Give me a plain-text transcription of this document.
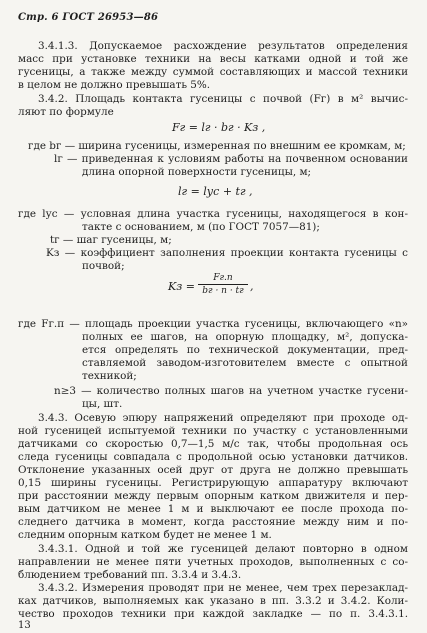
Стр. 6 ГОСТ 26953—86
3.4.1.3. Допускаемое расхождение результатов определения
масс при установке техники на весы катками одной и той же
гусеницы, а также между суммой составляющих и массой техники
в целом не должно превышать 5%.
3.4.2. Площадь контакта гусеницы с почвой (Fг) в м² вычис-
ляют по формуле
Fг = lг · bг · Kз ,
где bг — ширина гусеницы, измеренная по внешним ее кромкам, м;
lг — приведенная к условиям работы на почвенном основании
длина опорной поверхности гусеницы, м;
lг = lус + tг ,
где lус — условная длина участка гусеницы, находящегося в кон-
такте с основанием, м (по ГОСТ 7057—81);
tг — шаг гусеницы, м;
Kз — коэффициент заполнения проекции контакта гусеницы с
почвой;
Kз =
Fг.п
bг · n · tг ,
где Fг.п — площадь проекции участка гусеницы, включающего «n»
полных ее шагов, на опорную площадку, м², допуска-
ется определять по технической документации, пред-
ставляемой заводом-изготовителем вместе с опытной
техникой;
n≥3 — количество полных шагов на учетном участке гусени-
цы, шт.
3.4.3. Осевую эпюру напряжений определяют при проходе од-
ной гусеницей испытуемой техники по участку с установленными
датчиками со скоростью 0,7—1,5 м/с так, чтобы продольная ось
следа гусеницы совпадала с продольной осью установки датчиков.
Отклонение указанных осей друг от друга не должно превышать
0,15 ширины гусеницы. Регистрирующую аппаратуру включают
при расстоянии между первым опорным катком движителя и пер-
вым датчиком не менее 1 м и выключают ее после прохода по-
следнего датчика в момент, когда расстояние между ним и по-
следним опорным катком будет не менее 1 м.
3.4.3.1. Одной и той же гусеницей делают повторно в одном
направлении не менее пяти учетных проходов, выполненных с со-
блюдением требований пп. 3.3.4 и 3.4.3.
3.4.3.2. Измерения проводят при не менее, чем трех перезаклад-
ках датчиков, выполняемых как указано в пп. 3.3.2 и 3.4.2. Коли-
чество проходов техники при каждой закладке — по п. 3.4.3.1.
13
